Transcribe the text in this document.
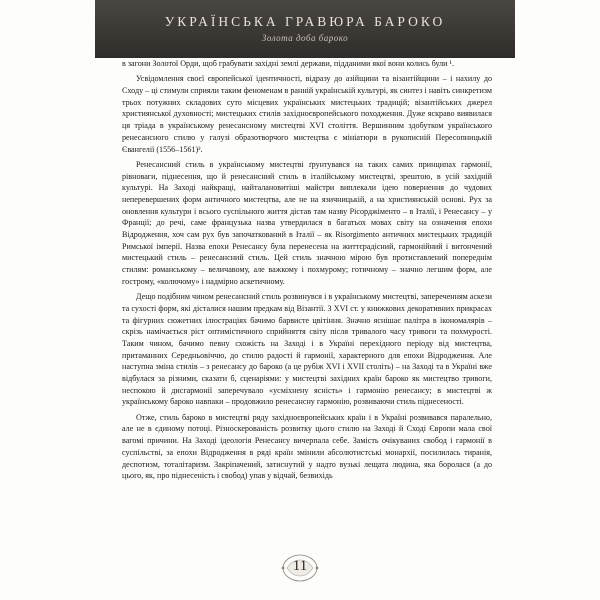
УКРАЇНСЬКА ГРАВЮРА БАРОКО
Золота доба бароко

в загони Золотої Орди, щоб грабувати західні землі держави, підданими якої вони колись були ¹.

Усвідомлення своєї європейської ідентичності, відразу до азійщини та візантійщини – і нахилу до Сходу – ці стимули сприяли таким феноменам в ранній українській культурі, як синтез і навіть синкретизм трьох потужних складових суто місцевих українських мистецьких традицій; візантійських джерел християнської духовності; мистецьких стилів західноєвропейського походження. Дуже яскраво виявилася ця тріада в українському ренесансному мистецтві XVI століття. Вершинним здобутком українського ренесансного стилю у галузі образотворчого мистецтва є мініатюри в рукописній Пересопницькій Євангелії (1556–1561)².

Ренесансний стиль в українському мистецтві ґрунтувався на таких самих принципах гармонії, рівноваги, піднесення, що й ренесансний стиль в італійському мистецтві, зрештою, в усій західній культурі. На Заході найкращі, найталановитіші майстри виплекали ідею повернення до чудових неперевершених форм античного мистецтва, але не на язичницькій, а на християнській основі. Рух за оновлення культури і всього суспільного життя дістав там назву Рісорджіменто – в Італії, і Ренесансу – у Франції; до речі, саме французька назва утвердилася в багатьох мовах світу на означення епохи Відродження, хоч сам рух був започаткований в Італії – як Risorgimento античних мистецьких традицій Римської імперії. Назва епохи Ренесансу була перенесена на життєрадісний, гармонійний і витончений мистецький стиль – ренесансний стиль. Цей стиль значною мірою був протиставлений попереднім стилям: романському – величавому, але важкому і похмурому; готичному – значно легшим форм, але гострому, «колючому» і надмірно аскетичному.

Дещо подібним чином ренесансний стиль розвинувся і в українському мистецтві, запереченням аскези та сухості форм, які дісталися нашим предкам від Візантії. З XVI ст. у книжкових декоративних прикрасах та фігурних сюжетних ілюстраціях бачимо барвисте цвітіння. Значно яснішає палітра в ікономалярів – скрізь намічається ріст оптимістичного сприйняття світу після тривалого часу тривоги та похмурості. Таким чином, бачимо певну схожість на Заході і в Україні перехідного періоду від мистецтва, притаманних Середньовіччю, до стилю радості й гармонії, характерного для епохи Відродження. Але наступна зміна стилів – з ренесансу до бароко (а це рубіж XVI і XVII століть) – на Заході та в Україні вже відбулася за різними, сказати б, сценаріями: у мистецтві західних країн бароко як мистецтво тривоги, неспокою й дисгармонії заперечувало «усміхнену ясність» і гармонію ренесансу; в мистецтві ж українському бароко навпаки – продовжило ренесансну гармонію, розвиваючи стиль піднесеності.

Отже, стиль бароко в мистецтві ряду західноєвропейських країн і в Україні розвивався паралельно, але не в єдиному потоці. Різноскерованість розвитку цього стилю на Заході й Сході Європи мала свої вагомі причини. На Заході ідеологія Ренесансу вичерпала себе. Замість очікуваних свобод і гармонії в суспільстві, за епохи Відродження в ряді країн змінили абсолютистські монархії, посилилась тиранія, деспотизм, тоталітаризм. Закріпачений, затиснутий у надто вузькі лещата людина, яка боролася (а до цього, як, про піднесеність і свобод) упав у відчай, безвихідь

11
